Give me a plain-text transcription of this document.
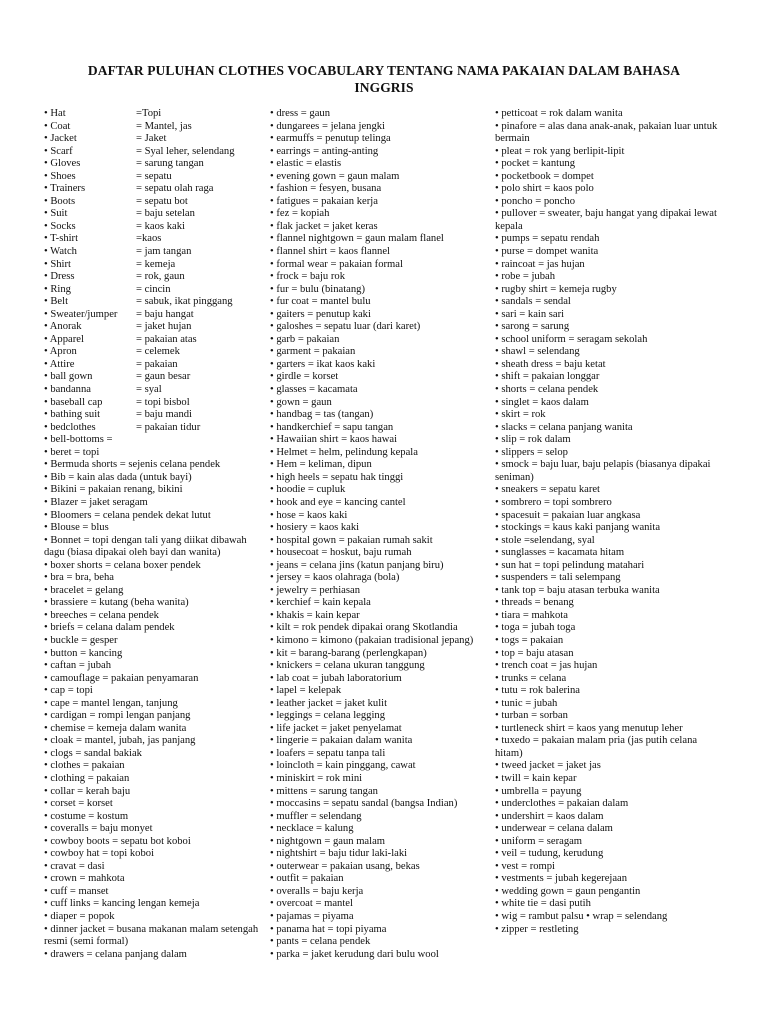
DAFTAR PULUHAN CLOTHES VOCABULARY TENTANG NAMA PAKAIAN DALAM BAHASA INGGRIS
• Hat	=Topi
• Coat	= Mantel, jas
• Jacket	= Jaket
• Scarf	= Syal leher, selendang
• Gloves	= sarung tangan
• Shoes	= sepatu
• Trainers	= sepatu olah raga
• Boots	= sepatu bot
• Suit	= baju setelan
• Socks	= kaos kaki
• T-shirt	=kaos
• Watch	= jam tangan
• Shirt	= kemeja
• Dress	= rok, gaun
• Ring	= cincin
• Belt	= sabuk, ikat pinggang
• Sweater/jumper = baju hangat
• Anorak	= jaket hujan
• Apparel	= pakaian atas
• Apron	= celemek
• Attire	= pakaian
• ball gown	= gaun besar
• bandanna	= syal
• baseball cap	= topi bisbol
• bathing suit	= baju mandi
• bedclothes	= pakaian tidur
• bell-bottoms =
• beret = topi
• Bermuda shorts = sejenis celana pendek
• Bib = kain alas dada (untuk bayi)
• Bikini = pakaian renang, bikini
• Blazer = jaket seragam
• Bloomers = celana pendek dekat lutut
• Blouse = blus
• Bonnet = topi dengan tali yang diikat dibawah dagu (biasa dipakai oleh bayi dan wanita)
• boxer shorts = celana boxer pendek
• bra = bra, beha
• bracelet = gelang
• brassiere = kutang (beha wanita)
• breeches = celana pendek
• briefs = celana dalam pendek
• buckle = gesper
• button = kancing
• caftan = jubah
• camouflage = pakaian penyamaran
• cap = topi
• cape = mantel lengan, tanjung
• cardigan = rompi lengan panjang
• chemise = kemeja dalam wanita
• cloak = mantel, jubah, jas panjang
• clogs = sandal bakiak
• clothes = pakaian
• clothing = pakaian
• collar = kerah baju
• corset = korset
• costume = kostum
• coveralls = baju monyet
• cowboy boots = sepatu bot koboi
• cowboy hat = topi koboi
• cravat = dasi
• crown = mahkota
• cuff = manset
• cuff links = kancing lengan kemeja
• diaper = popok
• dinner jacket = busana makanan malam setengah resmi (semi formal)
• drawers = celana panjang dalam
• dress = gaun
• dungarees = jelana jengki
• earmuffs = penutup telinga
• earrings = anting-anting
• elastic = elastis
• evening gown = gaun malam
• fashion = fesyen, busana
• fatigues = pakaian kerja
• fez = kopiah
• flak jacket = jaket keras
• flannel nightgown = gaun malam flanel
• flannel shirt = kaos flannel
• formal wear = pakaian formal
• frock = baju rok
• fur = bulu (binatang)
• fur coat = mantel bulu
• gaiters = penutup kaki
• galoshes = sepatu luar (dari karet)
• garb = pakaian
• garment = pakaian
• garters = ikat kaos kaki
• girdle = korset
• glasses = kacamata
• gown = gaun
• handbag = tas (tangan)
• handkerchief = sapu tangan
• Hawaiian shirt = kaos hawai
• Helmet = helm, pelindung kepala
• Hem = keliman, dipun
• high heels = sepatu hak tinggi
• hoodie = cupluk
• hook and eye = kancing cantel
• hose = kaos kaki
• hosiery = kaos kaki
• hospital gown = pakaian rumah sakit
• housecoat = hoskut, baju rumah
• jeans = celana jins (katun panjang biru)
• jersey = kaos olahraga (bola)
• jewelry = perhiasan
• kerchief = kain kepala
• khakis = kain kepar
• kilt = rok pendek dipakai orang Skotlandia
• kimono = kimono (pakaian tradisional jepang)
• kit = barang-barang (perlengkapan)
• knickers = celana ukuran tanggung
• lab coat = jubah laboratorium
• lapel = kelepak
• leather jacket = jaket kulit
• leggings = celana legging
• life jacket = jaket penyelamat
• lingerie = pakaian dalam wanita
• loafers = sepatu tanpa tali
• loincloth = kain pinggang, cawat
• miniskirt = rok mini
• mittens = sarung tangan
• moccasins = sepatu sandal (bangsa Indian)
• muffler = selendang
• necklace = kalung
• nightgown = gaun malam
• nightshirt = baju tidur laki-laki
• outerwear = pakaian usang, bekas
• outfit = pakaian
• overalls = baju kerja
• overcoat = mantel
• pajamas = piyama
• panama hat = topi piyama
• pants = celana pendek
• parka = jaket kerudung dari bulu wool
• petticoat = rok dalam wanita
• pinafore = alas dana anak-anak, pakaian luar untuk bermain
• pleat = rok yang berlipit-lipit
• pocket = kantung
• pocketbook = dompet
• polo shirt = kaos polo
• poncho = poncho
• pullover = sweater, baju hangat yang dipakai lewat kepala
• pumps = sepatu rendah
• purse = dompet wanita
• raincoat = jas hujan
• robe = jubah
• rugby shirt = kemeja rugby
• sandals = sendal
• sari = kain sari
• sarong = sarung
• school uniform = seragam sekolah
• shawl = selendang
• sheath dress = baju ketat
• shift = pakaian longgar
• shorts = celana pendek
• singlet = kaos dalam
• skirt = rok
• slacks = celana panjang wanita
• slip = rok dalam
• slippers = selop
• smock = baju luar, baju pelapis (biasanya dipakai seniman)
• sneakers = sepatu karet
• sombrero = topi sombrero
• spacesuit = pakaian luar angkasa
• stockings = kaus kaki panjang wanita
• stole =selendang, syal
• sunglasses = kacamata hitam
• sun hat = topi pelindung matahari
• suspenders = tali selempang
• tank top = baju atasan terbuka wanita
• threads = benang
• tiara = mahkota
• toga = jubah toga
• togs = pakaian
• top = baju atasan
• trench coat = jas hujan
• trunks = celana
• tutu = rok balerina
• tunic = jubah
• turban = sorban
• turtleneck shirt = kaos yang menutup leher
• tuxedo = pakaian malam pria (jas putih celana hitam)
• tweed jacket = jaket jas
• twill = kain kepar
• umbrella = payung
• underclothes = pakaian dalam
• undershirt = kaos dalam
• underwear = celana dalam
• uniform = seragam
• veil = tudung, kerudung
• vest = rompi
• vestments = jubah kegerejaan
• wedding gown = gaun pengantin
• white tie = dasi putih
• wig = rambut palsu • wrap = selendang
• zipper = restleting
